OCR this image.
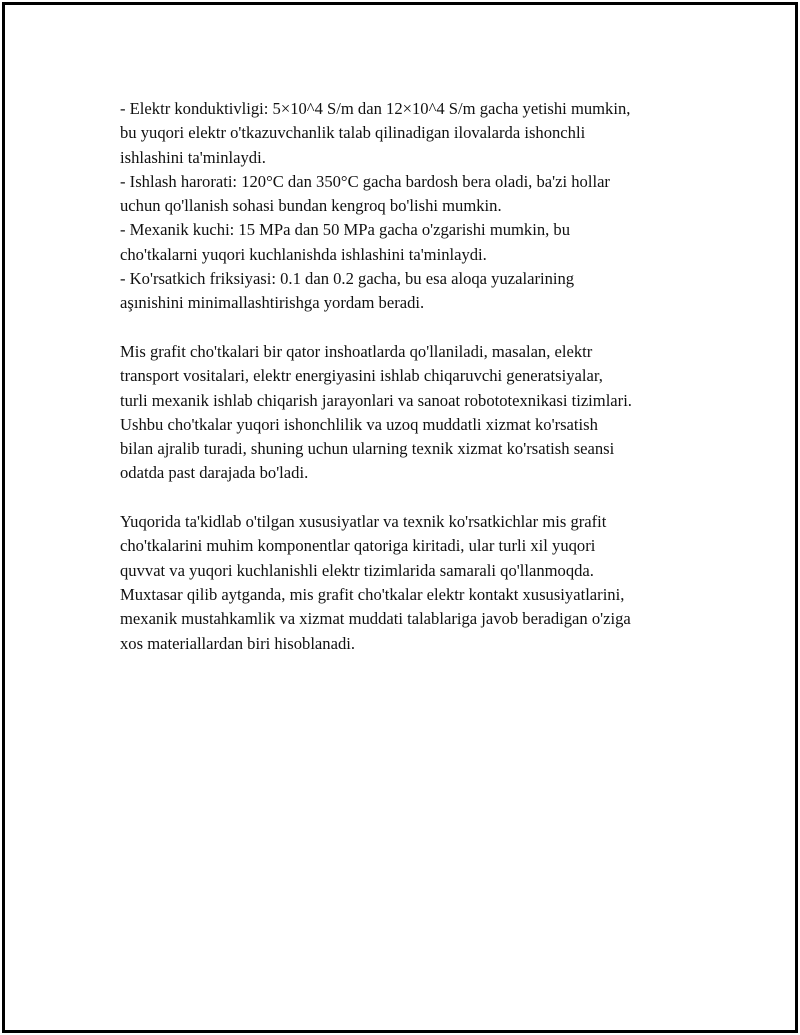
- Elektr konduktivligi: 5×10^4 S/m dan 12×10^4 S/m gacha yetishi mumkin,
bu yuqori elektr o'tkazuvchanlik talab qilinadigan ilovalarda ishonchli
ishlashini ta'minlaydi.
- Ishlash harorati: 120°C dan 350°C gacha bardosh bera oladi, ba'zi hollar
uchun qo'llanish sohasi bundan kengroq bo'lishi mumkin.
- Mexanik kuchi: 15 MPa dan 50 MPa gacha o'zgarishi mumkin, bu
cho'tkalarni yuqori kuchlanishda ishlashini ta'minlaydi.
- Ko'rsatkich friksiyasi: 0.1 dan 0.2 gacha, bu esa aloqa yuzalarining
aşınishini minimallashtirishga yordam beradi.
Mis grafit cho'tkalari bir qator inshoatlarda qo'llaniladi, masalan, elektr
transport vositalari, elektr energiyasini ishlab chiqaruvchi generatsiyalar,
turli mexanik ishlab chiqarish jarayonlari va sanoat robototexnikasi tizimlari.
Ushbu cho'tkalar yuqori ishonchlilik va uzoq muddatli xizmat ko'rsatish
bilan ajralib turadi, shuning uchun ularning texnik xizmat ko'rsatish seansi
odatda past darajada bo'ladi.
Yuqorida ta'kidlab o'tilgan xususiyatlar va texnik ko'rsatkichlar mis grafit
cho'tkalarini muhim komponentlar qatoriga kiritadi, ular turli xil yuqori
quvvat va yuqori kuchlanishli elektr tizimlarida samarali qo'llanmoqda.
Muxtasar qilib aytganda, mis grafit cho'tkalar elektr kontakt xususiyatlarini,
mexanik mustahkamlik va xizmat muddati talablariga javob beradigan o'ziga
xos materiallardan biri hisoblanadi.
